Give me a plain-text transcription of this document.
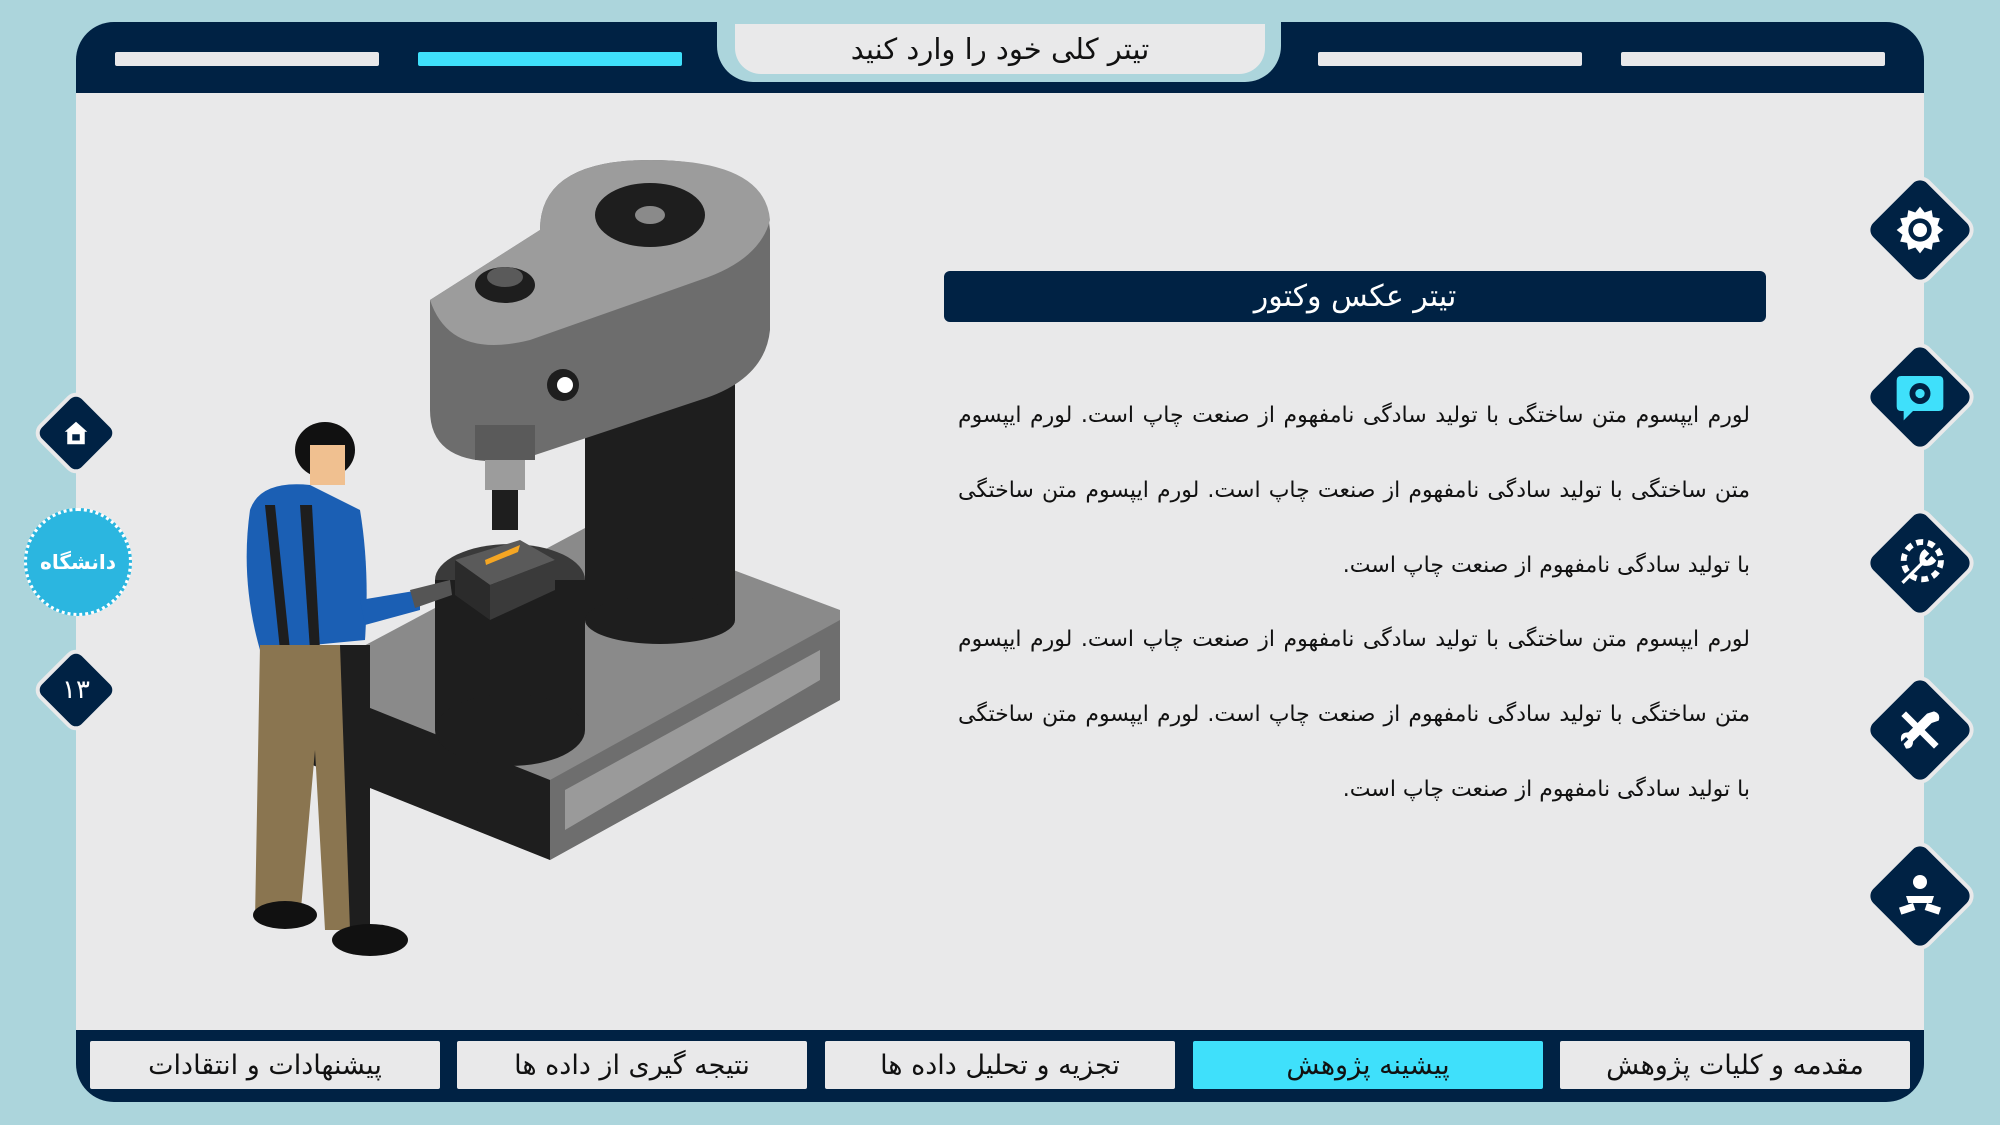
تیتر کلی خود را وارد کنید
تیتر عکس وکتور
لورم ایپسوم متن ساختگی با تولید سادگی نامفهوم از صنعت چاپ است. لورم ایپسوم متن ساختگی با تولید سادگی نامفهوم از صنعت چاپ است. لورم ایپسوم متن ساختگی با تولید سادگی نامفهوم از صنعت چاپ است.
لورم ایپسوم متن ساختگی با تولید سادگی نامفهوم از صنعت چاپ است. لورم ایپسوم متن ساختگی با تولید سادگی نامفهوم از صنعت چاپ است. لورم ایپسوم متن ساختگی با تولید سادگی نامفهوم از صنعت چاپ است.
دانشگاه
۱۳
مقدمه و کلیات پژوهش
پیشینه پژوهش
تجزیه و تحلیل داده ها
نتیجه گیری از داده ها
پیشنهادات و انتقادات
